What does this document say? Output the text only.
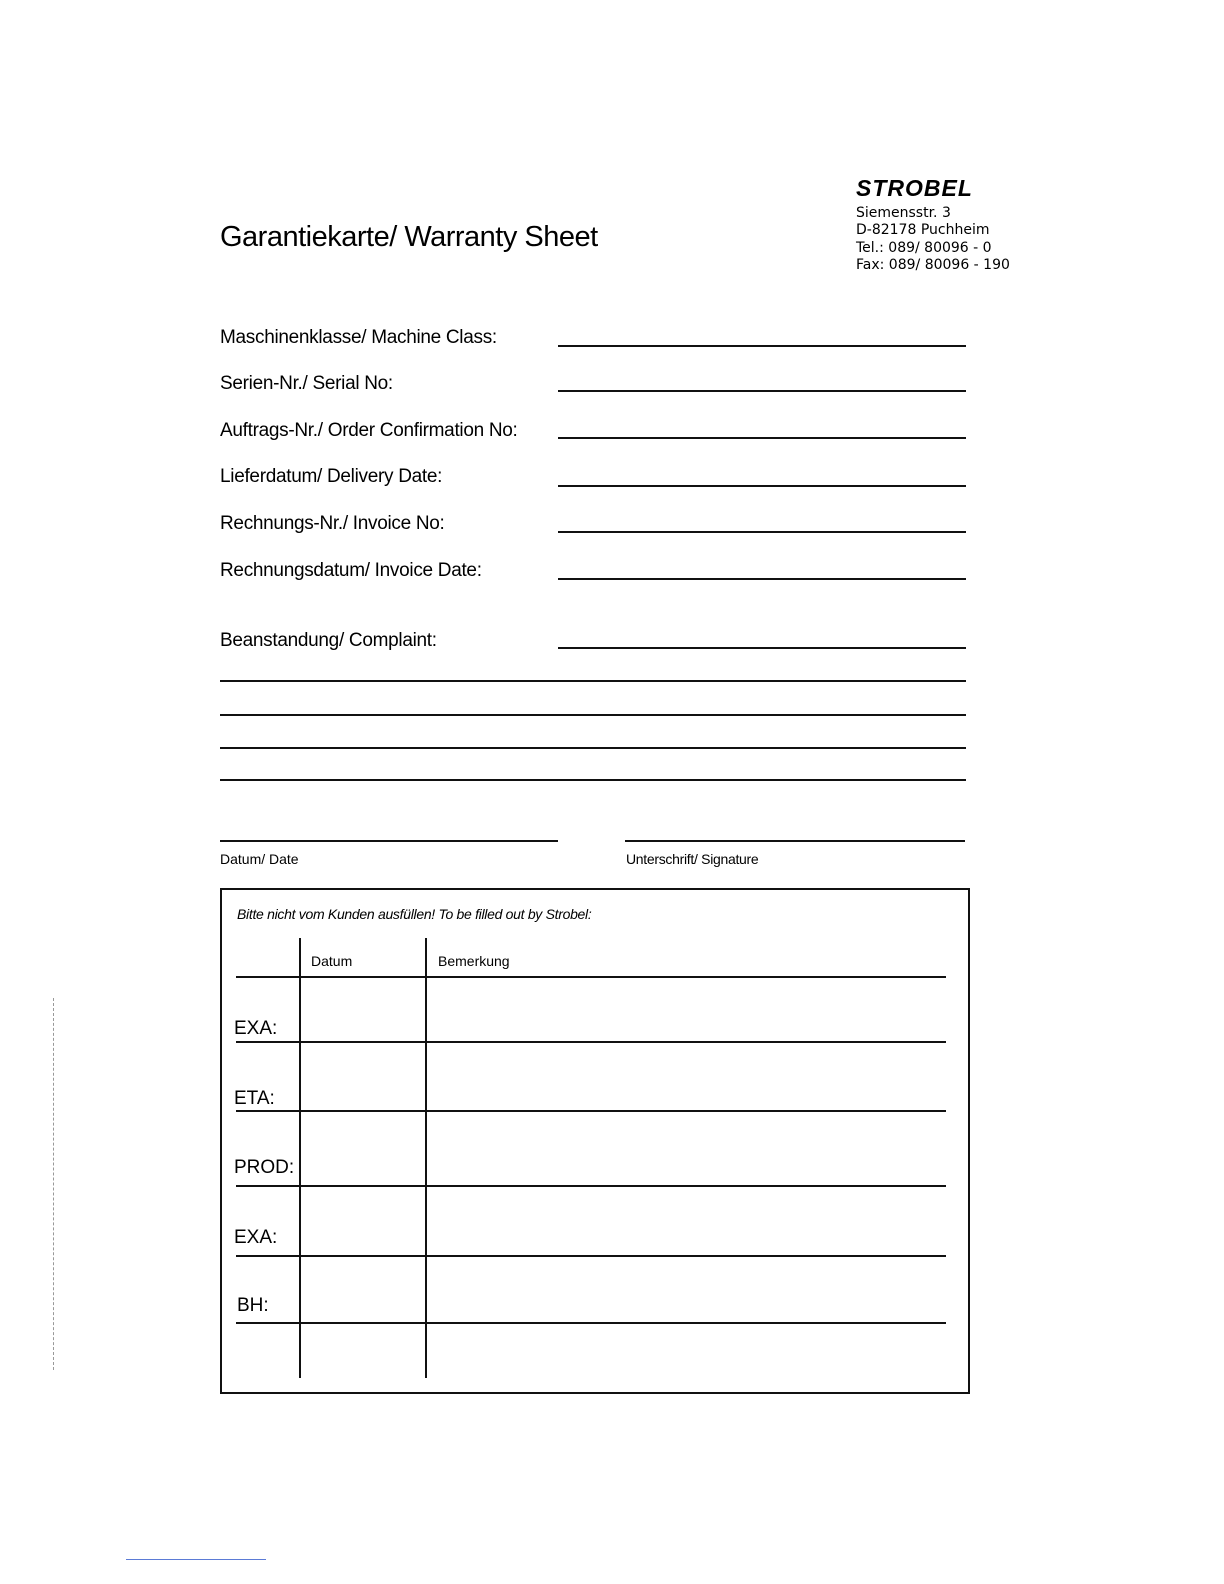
STROBEL
Siemensstr. 3
D-82178 Puchheim
Tel.: 089/ 80096 - 0
Fax: 089/ 80096 - 190
Garantiekarte/ Warranty Sheet
Maschinenklasse/ Machine Class:
Serien-Nr./ Serial No:
Auftrags-Nr./ Order Confirmation No:
Lieferdatum/ Delivery Date:
Rechnungs-Nr./ Invoice No:
Rechnungsdatum/ Invoice Date:
Beanstandung/ Complaint:
Datum/ Date	Unterschrift/ Signature
Bitte nicht vom Kunden ausfüllen! To be filled out by Strobel:
Datum	Bemerkung
EXA:
ETA:
PROD:
EXA:
BH:
